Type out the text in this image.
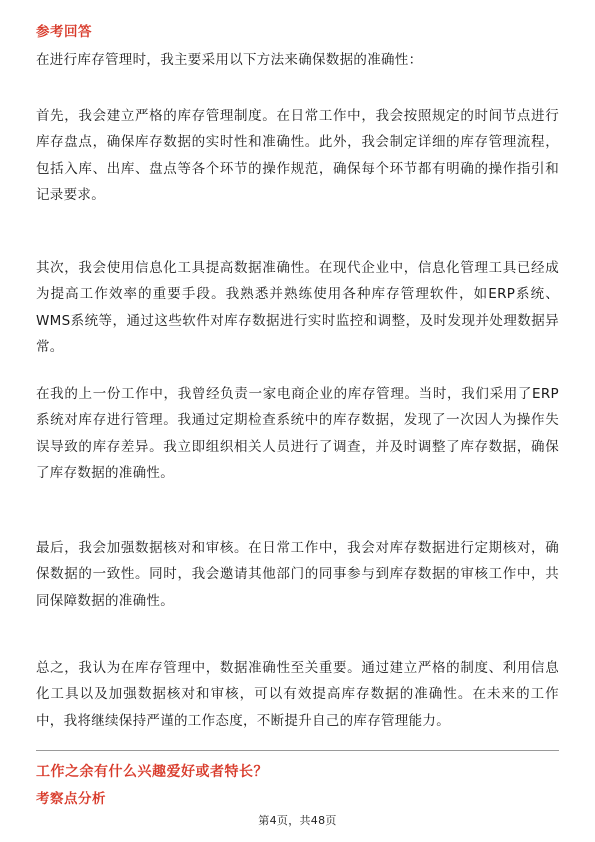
参考回答
在进行库存管理时，我主要采用以下方法来确保数据的准确性：
首先，我会建立严格的库存管理制度。在日常工作中，我会按照规定的时间节点进行库存盘点，确保库存数据的实时性和准确性。此外，我会制定详细的库存管理流程，包括入库、出库、盘点等各个环节的操作规范，确保每个环节都有明确的操作指引和记录要求。
其次，我会使用信息化工具提高数据准确性。在现代企业中，信息化管理工具已经成为提高工作效率的重要手段。我熟悉并熟练使用各种库存管理软件，如ERP系统、WMS系统等，通过这些软件对库存数据进行实时监控和调整，及时发现并处理数据异常。
在我的上一份工作中，我曾经负责一家电商企业的库存管理。当时，我们采用了ERP系统对库存进行管理。我通过定期检查系统中的库存数据，发现了一次因人为操作失误导致的库存差异。我立即组织相关人员进行了调查，并及时调整了库存数据，确保了库存数据的准确性。
最后，我会加强数据核对和审核。在日常工作中，我会对库存数据进行定期核对，确保数据的一致性。同时，我会邀请其他部门的同事参与到库存数据的审核工作中，共同保障数据的准确性。
总之，我认为在库存管理中，数据准确性至关重要。通过建立严格的制度、利用信息化工具以及加强数据核对和审核，可以有效提高库存数据的准确性。在未来的工作中，我将继续保持严谨的工作态度，不断提升自己的库存管理能力。
工作之余有什么兴趣爱好或者特长？
考察点分析
第4页，共48页
